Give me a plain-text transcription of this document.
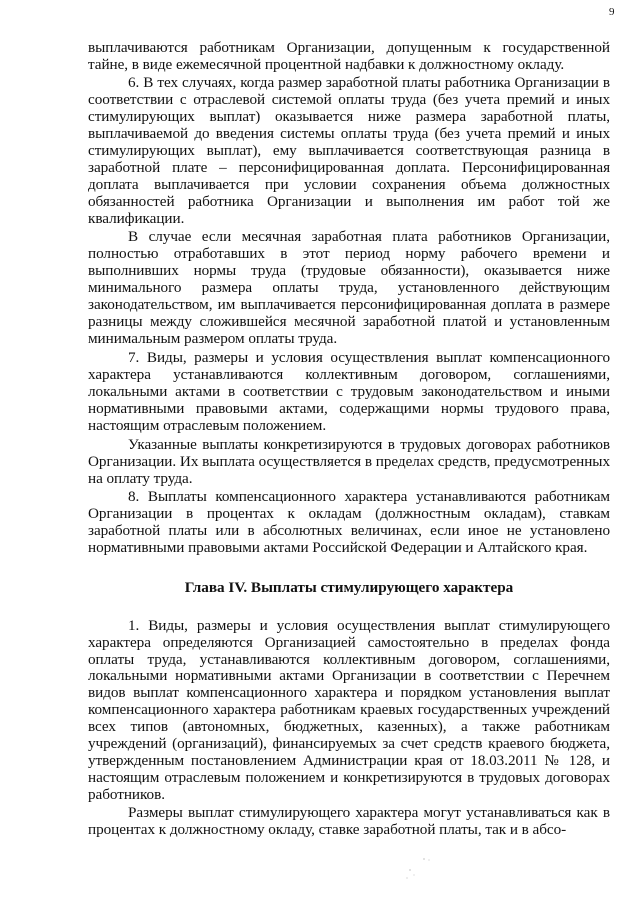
9

выплачиваются работникам Организации, допущенным к государственной тайне, в виде ежемесячной процентной надбавки к должностному окладу.

6. В тех случаях, когда размер заработной платы работника Организации в соответствии с отраслевой системой оплаты труда (без учета премий и иных стимулирующих выплат) оказывается ниже размера заработной платы, выплачиваемой до введения системы оплаты труда (без учета премий и иных стимулирующих выплат), ему выплачивается соответствующая разница в заработной плате – персонифицированная доплата. Персонифицированная доплата выплачивается при условии сохранения объема должностных обязанностей работника Организации и выполнения им работ той же квалификации.

В случае если месячная заработная плата работников Организации, полностью отработавших в этот период норму рабочего времени и выполнивших нормы труда (трудовые обязанности), оказывается ниже минимального размера оплаты труда, установленного действующим законодательством, им выплачивается персонифицированная доплата в размере разницы между сложившейся месячной заработной платой и установленным минимальным размером оплаты труда.

7. Виды, размеры и условия осуществления выплат компенсационного характера устанавливаются коллективным договором, соглашениями, локальными актами в соответствии с трудовым законодательством и иными нормативными правовыми актами, содержащими нормы трудового права, настоящим отраслевым положением.

Указанные выплаты конкретизируются в трудовых договорах работников Организации. Их выплата осуществляется в пределах средств, предусмотренных на оплату труда.

8. Выплаты компенсационного характера устанавливаются работникам Организации в процентах к окладам (должностным окладам), ставкам заработной платы или в абсолютных величинах, если иное не установлено нормативными правовыми актами Российской Федерации и Алтайского края.

Глава IV. Выплаты стимулирующего характера

1. Виды, размеры и условия осуществления выплат стимулирующего характера определяются Организацией самостоятельно в пределах фонда оплаты труда, устанавливаются коллективным договором, соглашениями, локальными нормативными актами Организации в соответствии с Перечнем видов выплат компенсационного характера и порядком установления выплат компенсационного характера работникам краевых государственных учреждений всех типов (автономных, бюджетных, казенных), а также работникам учреждений (организаций), финансируемых за счет средств краевого бюджета, утвержденным постановлением Администрации края от 18.03.2011 № 128, и настоящим отраслевым положением и конкретизируются в трудовых договорах работников.

Размеры выплат стимулирующего характера могут устанавливаться как в процентах к должностному окладу, ставке заработной платы, так и в абсо-
